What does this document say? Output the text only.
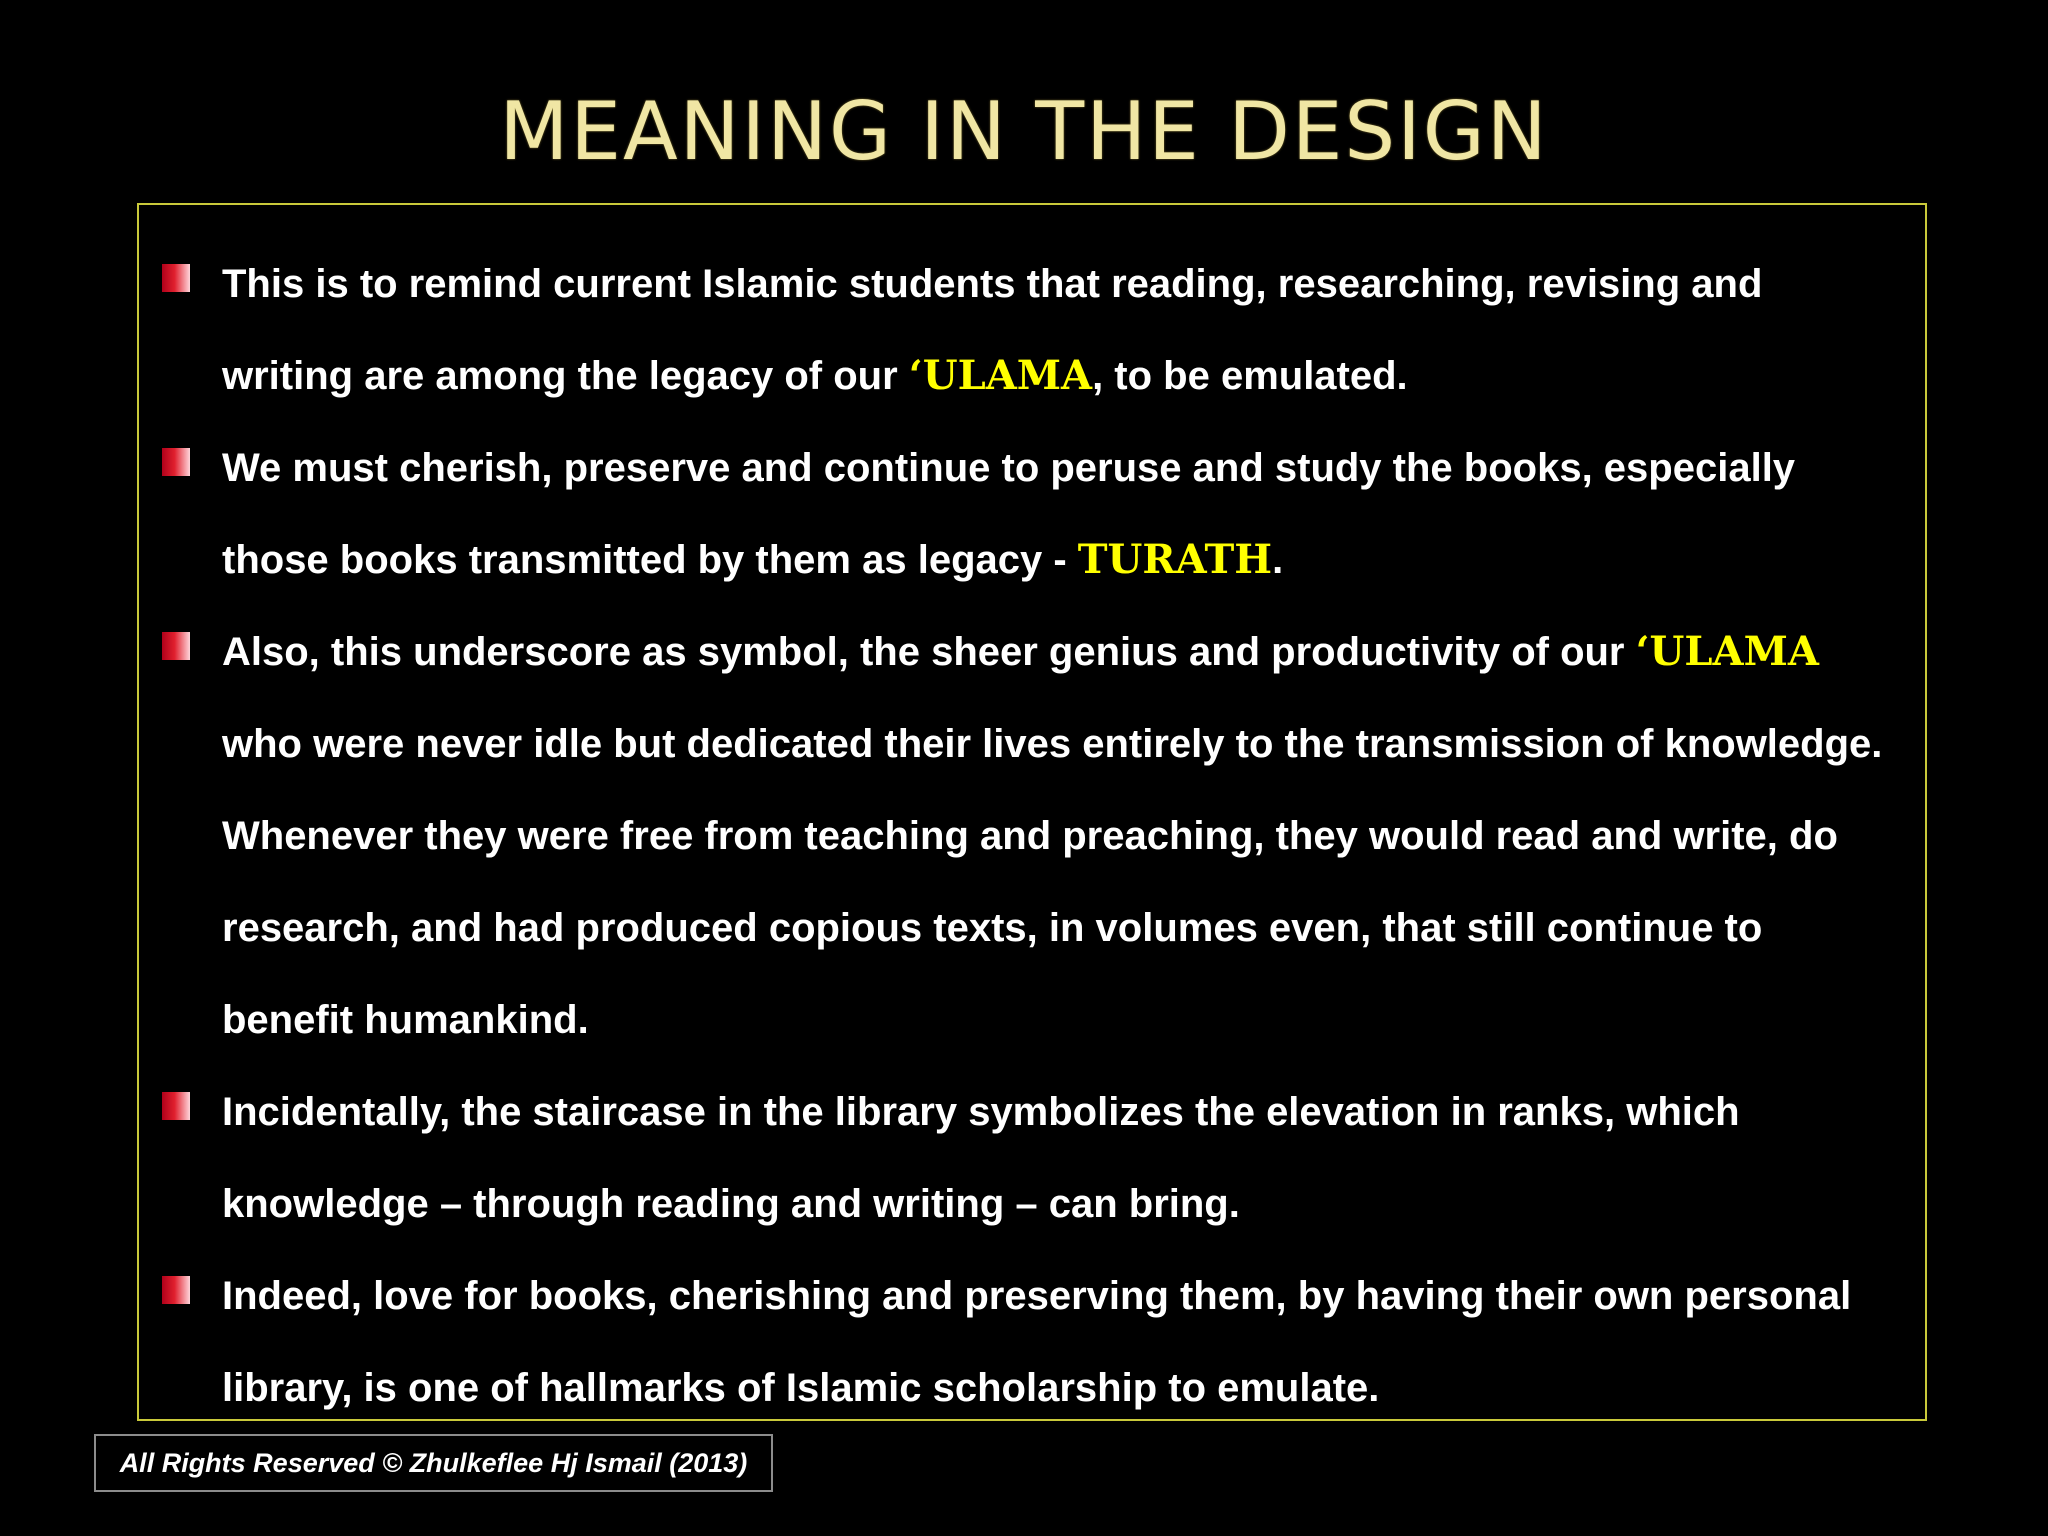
MEANING IN THE DESIGN
This is to remind current Islamic students that reading, researching, revising and writing are among the legacy of our ‘ULAMA, to be emulated.
We must cherish, preserve and continue to peruse and study the books, especially those books transmitted by them as legacy - TURATH.
Also, this underscore as symbol, the sheer genius and productivity of our ‘ULAMA who were never idle but dedicated their lives entirely to the transmission of knowledge. Whenever they were free from teaching and preaching, they would read and write, do research, and had produced copious texts, in volumes even, that still continue to benefit humankind.
Incidentally, the staircase in the library symbolizes the elevation in ranks, which knowledge – through reading and writing – can bring.
Indeed, love for books, cherishing and preserving them, by having their own personal library, is one of hallmarks of Islamic scholarship to emulate.
All Rights Reserved © Zhulkeflee Hj Ismail (2013)
